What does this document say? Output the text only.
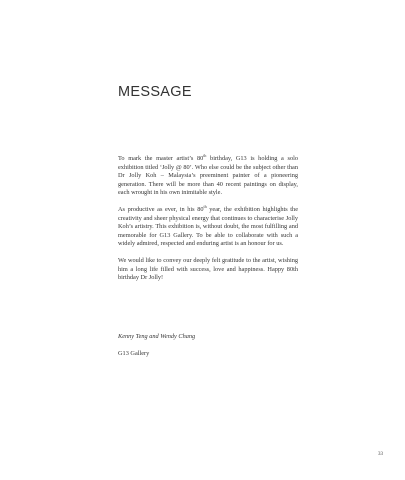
MESSAGE

To mark the master artist’s 80th birthday, G13 is holding a solo exhibition titled ‘Jolly @ 80’. Who else could be the subject other than Dr Jolly Koh – Malaysia’s preeminent painter of a pioneering generation. There will be more than 40 recent paintings on display, each wrought in his own inimitable style.

As productive as ever, in his 80th year, the exhibition highlights the creativity and sheer physical energy that continues to characterise Jolly Koh’s artistry. This exhibition is, without doubt, the most fulfilling and memorable for G13 Gallery. To be able to collaborate with such a widely admired, respected and enduring artist is an honour for us.

We would like to convey our deeply felt gratitude to the artist, wishing him a long life filled with success, love and happiness. Happy 80th birthday Dr Jolly!

Kenny Teng and Wendy Chang

G13 Gallery

33
